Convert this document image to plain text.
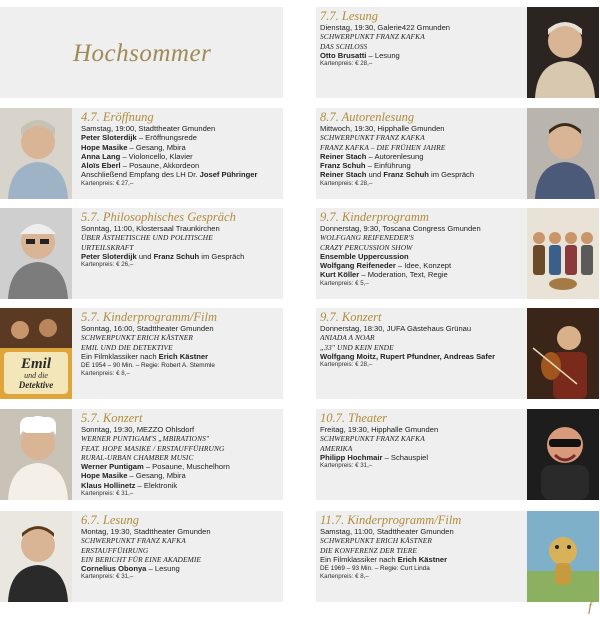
Hochsommer
4.7. Eröffnung
Samstag, 19:00, Stadttheater Gmunden
Peter Sloterdijk – Eröffnungsrede
Hope Masike – Gesang, Mbira
Anna Lang – Violoncello, Klavier
Aloïs Eberl – Posaune, Akkordeon
Anschließend Empfang des LH Dr. Josef Pühringer
Kartenpreis: € 27,–
5.7. Philosophisches Gespräch
Sonntag, 11:00, Klostersaal Traunkirchen
ÜBER ÄSTHETISCHE UND POLITISCHE
URTEILSKRAFT
Peter Sloterdijk und Franz Schuh im Gespräch
Kartenpreis: € 26,–
Emil
und die
Detektive
5.7. Kinderprogramm/Film
Sonntag, 16:00, Stadttheater Gmunden
SCHWERPUNKT ERICH KÄSTNER
EMIL UND DIE DETEKTIVE
Ein Filmklassiker nach Erich Kästner
DE 1954 – 90 Min. – Regie: Robert A. Stemmle
Kartenpreis: € 8,–
5.7. Konzert
Sonntag, 19:30, MEZZO Ohlsdorf
WERNER PUNTIGAM'S „MBIRATIONS"
FEAT. HOPE MASIKE / ERSTAUFFÜHRUNG
RURAL-URBAN CHAMBER MUSIC
Werner Puntigam – Posaune, Muschelhorn
Hope Masike – Gesang, Mbira
Klaus Hollinetz – Elektronik
Kartenpreis: € 31,–
6.7. Lesung
Montag, 19:30, Stadttheater Gmunden
SCHWERPUNKT FRANZ KAFKA
ERSTAUFFÜHRUNG
EIN BERICHT FÜR EINE AKADEMIE
Cornelius Obonya – Lesung
Kartenpreis: € 31,–
7.7. Lesung
Dienstag, 19:30, Galerie422 Gmunden
SCHWERPUNKT FRANZ KAFKA
DAS SCHLOSS
Otto Brusatti – Lesung
Kartenpreis: € 28,–
8.7. Autorenlesung
Mittwoch, 19:30, Hipphalle Gmunden
SCHWERPUNKT FRANZ KAFKA
FRANZ KAFKA – DIE FRÜHEN JAHRE
Reiner Stach – Autorenlesung
Franz Schuh – Einführung
Reiner Stach und Franz Schuh im Gespräch
Kartenpreis: € 28,–
9.7. Kinderprogramm
Donnerstag, 9:30, Toscana Congress Gmunden
WOLFGANG REIFENEDER'S
CRAZY PERCUSSION SHOW
Ensemble Uppercussion
Wolfgang Reifeneder – Idee, Konzept
Kurt Köller – Moderation, Text, Regie
Kartenpreis: € 5,–
9.7. Konzert
Donnerstag, 18:30, JUFA Gästehaus Grünau
ANIADA A NOAR
„33" UND KEIN ENDE
Wolfgang Moitz, Rupert Pfundner, Andreas Safer
Kartenpreis: € 28,–
10.7. Theater
Freitag, 19:30, Hipphalle Gmunden
SCHWERPUNKT FRANZ KAFKA
AMERIKA
Philipp Hochmair – Schauspiel
Kartenpreis: € 31,–
11.7. Kinderprogramm/Film
Samstag, 11:00, Stadttheater Gmunden
SCHWERPUNKT ERICH KÄSTNER
DIE KONFERENZ DER TIERE
Ein Filmklassiker nach Erich Kästner
DE 1969 – 93 Min. – Regie: Curt Linda
Kartenpreis: € 8,–
f
